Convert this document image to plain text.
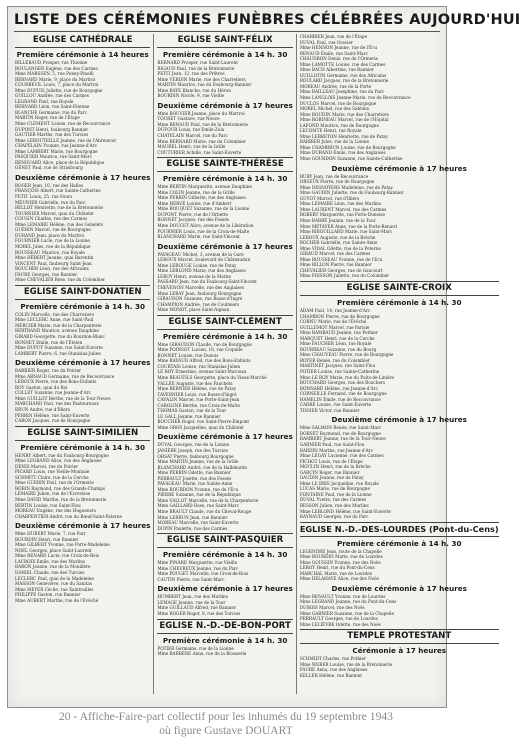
LISTE DES CÉRÉMONIES FUNÈBRES CÉLÉBRÉES AUJOURD'HUI
EGLISE CATHÉDRALE
Première cérémonie à 14 heures
BILLEBAUD Prosper, rue Thionne
BOULANGER Eugène, rue des Carmes
Mme MARSSEN, 5, rue Poney-Pinelli
BERNARD Marie, 9, place du Martroi
COURBEVIL Louis, 7, place du Martroi
Mme DUPUIS Juliette, rue de Bourgogne
GUILLOU Andrée, rue des Carmes
LEGRAND Paul, rue Royale
BERNARD Léon, rue Saint-Etienne
BLANCHE Germaine, rue du Parc
MARTIN Roger, rue de l'Étape
Mme CLÉMENT Louise, rue de Recouvrance
DUPONT Henri, faubourg Bannier
GAUTIER Marthe, rue des Turcies
Mme LEBOUTEILLE Jeanne, rue de l'Abreuvoir
CHAPELAIN Yvonne, rue Jeanne-d'Arc
Mme LAMBERT Marie, rue Bourgogne
PASQUIER Maurice, rue Saint-Marc
RENOUARD Alice, place de la République
GENET Paul, rue de Strasbourg
Deuxième cérémonie à 17 heures
ROGER Jean, 10, rue des Halles
FRANÇOIS Albert, rue Sainte-Catherine
PETIT Louis, 25, rue Fours
MEUNIER Gabrielle, rue du Parc
BELLOT Henriette, rue de la Bretonnerie
TOURNIER Marcel, quai du Châtelet
COUSIN Charles, rue des Carmes
Mme LEMAIRE Hélène, rue des Gobelets
GUÉRIN Marcel, rue de Bourgogne
DURAND Jean, place du Martroi
FOURNIER Lucie, rue de la Lionne
MOREL Jules, rue de la République
ROUSSEAU Maurice, rue Royale
Mme HÉBERT Jeanne, quai Barentin
VINCENT Paul, faubourg Saint-Jean
BOUCHER Léon, rue des Africains
FAURE Georges, rue Bannier
Mme CHEVALIER Rose, rue du Colombier
EGLISE SAINT-DONATIEN
Première cérémonie à 14 h. 30
COLIN Marcelle, rue des Charretiers
Mme LECLERC Anne, rue Saint-Paul
MERCIER Marie, rue de la Charpenterie
BERTRAND Maurice, avenue Dauphine
GIRARD Georgette, rue du Bourdon-Blanc
BONNET Emile, rue de l'Ételon
Mme DUPUY Suzanne, rue Saint-Euverte
LAMBERT Pierre, 6, rue Stanislas-Julien
Deuxième cérémonie à 17 heures
BARBIER Roger, rue du Poirier
Mme ARNAUD Germaine, rue de Recouvrance
LEROUX Pierre, rue des Bons-Enfants
ROY Gaston, quai du Roi
COLLET Suzanne, rue Jeanne-d'Arc
Mme GUILLOT Berthe, rue de la Tour-Neuve
MARCHAND Paul, rue des Pastoureaux
BRUN André, rue d'Illiers
PERRIN Hélène, rue Saint-Euverte
CARON Jacques, rue de Bourgogne
EGLISE SAINT-SIMILIEN
Première cérémonie à 14 h. 30
HENRY Albert, rue du Faubourg-Bourgogne
Mme LEGRAND Alice, rue des Anglaises
DENIS Marcel, rue du Poirier
PICARD Louis, rue Vieille-Monnaie
SCHMITT Claire, rue de la Cerche
Mme GUERIN Paul, rue de l'Ormerie
ROBIN Raymond, rue des Grands-Champs
LEMAIRE Julien, rue de l'Ecrevisse
Mme DAVID Marthe, rue de la Bretonnerie
BERTIN Louise, rue Saint-Flou
MOREAU Eugène, rue des Huguenots
CHARPENTIER André, rue du Bœuf-Saint-Paterne
Deuxième cérémonie à 17 heures
Mme HUBERT Marie, 7, rue Parr
BOURDIN Henri, rue Bannier
Mme GILBERT Yvonne, rue Porte-Madeleine
NOEL Georges, place Saint-Laurent
Mme RENARD Lucie, rue Croix-de-Bois
LACROIX Emile, rue des Murlins
BARON Jeanne, rue de la Mouillère
DANIEL Claude, rue des Turcies
LECLERC Paul, quai de la Madeleine
MASSON Geneviève, rue du Sanitas
Mme MEYER Cécile, rue Xaintrailles
PHILIPPE Gaston, rue Bannier
Mme AUBERT Marthe, rue de l'Évêché
EGLISE SAINT-FÉLIX
Première cérémonie à 14 h. 30
BERNARD Prosper, rue Saint-Laurent
RIGAUD Paul, rue de la Bretonnerie
PETIT Jean, 12, rue des Prêtres
Mme VERDIN Marie, rue des Charretiers
MARTIN Maurice, rue du Faubourg-Bannier
Mme BAYE Blanche, rue du Héron
BOURDIN Nicole, 9, rue Vieille
Deuxième cérémonie à 17 heures
Mme BOUVIER Jeanne, place du Martroi
TOURET Gustave, rue Neuve
Mme RENAUD Paul, rue de la Bretonnerie
DUFOUR Louis, rue Emile-Zola
CHATELAIN Marcel, rue du Parc
Mme BERNARD Marie, rue du Colombier
MAUREL Henri, rue de la Grille
COUTURIER Achille, rue Saint-Euverte
EGLISE SAINTE-THÉRÈSE
Première cérémonie à 14 h. 30
Mme BERTIN Marguerite, avenue Dauphine
Mme COLIN Jeanne, rue de la Grille
Mme PERRIN Gilberte, rue des Anglaises
Mme HERVÉ Louise, rue d'Ambert
Mme BOUQUET Suzanne, rue de la Lionne
DUPONT Pierre, rue de l'Orbette
BONNET Jacques, rue des Fossés
Mme DOUCET Alice, avenue de la Libération
FOURNIER Louis, rue de la Croix-de-Malte
BLANCHARD Marie, rue Saint-Vincent
Deuxième cérémonie à 17 heures
PAVAGEAU Michel, 3, avenue de la Gare
LEROUX Marcel, boulevard de Châteaudun
Mme LEROUGE Louise, rue de Patay
Mme LEBLOND Marie, rue des Anglaises
LEROY Henri, avenue de la Marne
PASSARD Jean, rue du Faubourg-Saint-Vincent
THEVENON Marcelle, rue des Anglaises
Mme LEBAY Jean, faubourg Bourgogne
GIRAUDON Suzanne, rue Basse-d'Ingré
CHAMPION Andrée, rue de Coulmiers
Mme MONOT, place Saint-Aignan
EGLISE SAINT-CLÉMENT
Première cérémonie à 14 h. 30
Mme GIRAUDON Claude, rue de Bourgogne
Mme POINSOT Lucien, 18, rue Coquille
BONNET Louise, rue Dunois
Mme RAVAUD Alfred, rue des Bons-Enfants
COURTAIS Louise, rue Stanislas-Julien
LE ROY Ernestine, avenue Saint-Marceau
Mme BEAUFILS Georgette, place du Vieux-Marché
VALLÉE Auguste, rue des Fauchets
Mme BERNIER Hélène, rue de Patay
TAVERNIER Louis, rue Basse-d'Ingré
CAVALIN Marcel, rue Porte-Saint-Jean
CAROLINE Berthe, rue Croix-de-Malte
THOMAS Gaston, rue de la Tour
LE GALL Jeanne, rue Bannier
BOUCHER Roger, rue Saint-Pierre-Empont
Mme GROS Jacqueline, quai du Châtelet
Deuxième cérémonie à 17 heures
DUVAL Georges, rue de la Lionne
JANIÈRE Joseph, rue des Turcies
ORSAT Pierre, faubourg Bourgogne
Mme MARTIN Jeanne, rue de la Grille
BLANCHARD André, rue de la Hallebarde
Mme PERRIN Odette, rue Bannier
PERRAULT Josette, rue des Fossés
PAVAGEAU Marie, rue Sainte-Anne
Mme BOURDON Yvonne, rue de l'Écu
PIERRE Suzanne, rue de la République
Mme VALLOT Marcelle, rue de la Charpenterie
Mme GAILLARD Rose, rue Saint-Marc
Mme BRAULT Claude, rue du Cheval-Rouge
Mme LEBRUN Jean, rue Bannier
MOREAU Marcelle, rue Saint-Euverte
DUPIN Paulette, rue des Carmes
EGLISE SAINT-PASQUIER
Première cérémonie à 14 h. 30
Mme PINARD Marguerite, rue Vieille
Mme CHEVREUX Jeanne, rue du Parc
Mme POUGET Marcelle, rue Croix-de-Bois
CAUTIN Pierre, rue Saint-Marc
Deuxième cérémonie à 17 heures
HUMBERT Jean, rue des Murlins
LEMAGE Jeanne, rue de la Tour
Mme GUILLAUD Alfred, rue Bannier
Mme ROGER Roger, 8, rue des Turcies
EGLISE N.-D.-DE-BON-PORT
Première cérémonie à 14 h. 30
POTIER Germaine, rue de la Lionne
Mme BARRÈRE Anne, rue de la Brasserie
CHARRIER Jean, rue de l'Étape
DUVAL Paul, rue Gravier
Mme HENNON Jeanne, rue de l'Écu
RENAUD Émile, rue Saint-Marc
CHAUDRON Denis, rue de l'Ormerie
Mme LAMOTTE Louise, rue des Carmes
Mme BACH Albertine, rue Bannier
GUILLOTIN Germaine, rue des Africains
BOULARD Jacques, rue de la Bretonnerie
MOREAU Andrée, rue de la Porte
Mme BAILLEAU Joséphine, rue du Parc
Mme LANGLOIS Jeanne-Marie, rue de Recouvrance
DUCLOS Marcel, rue de Bourgogne
MOREL Michel, rue des Sablons
Mme BOUDIN Marie, rue des Charretiers
Mme ROBINEAU Marcel, rue de l'Hôpital
LAFOND Maurice, rue de Bourgogne
LECOMTE Henri, rue Royale
Mme LEBRETON Henriette, rue de Patay
BARBIER Jules, rue de la Lionne
Mme CHAMBRUN Louise, rue de Bourgogne
Mme DURAND Émile, rue des Anglaises
Mme GOURDON Suzanne, rue Sainte-Catherine
Deuxième cérémonie à 17 heures
RUBY Jean, rue de Recouvrance
ORSEUX Pierre, rue de Bourgogne
Mme DESNOYERS Madeleine, rue de Patay
Mme GAUDIN Juliette, rue du Faubourg-Bannier
GUYOT Marcel, rue d'Illiers
Mme LEMAIRE Léon, rue des Murlins
Mme LAURENT Marcel, rue des Carmes
ROBERT Marguerite, rue Porte-Dunoise
Mme BARRÉ Jeanne, rue de la Tour
Mme MÉTAYER Anne, rue de la Porte-Renard
Mme RIBOUILLARD Marie, rue Saint-Marc
LEROUX Auguste, rue de la Brèche
ROCHER Gabrielle, rue Sainte-Anne
Mme VIDAL Odette, rue de la Poterne
GIRAUD Marcel, rue des Carmes
Mme ROUSSEAU Yvonne, rue de l'Ecu
Mme BILLON Pierre, rue Bannier
CHEVALIER Georges, rue de Gaucourt
Mme POISSON Juliette, rue du Colombier
EGLISE SAINTE-CROIX
Première cérémonie à 14 h. 30
ADAM Paul, 14, rue Jeanne-d'Arc
CHAMBON Pierre, rue de Bourgogne
CORNU Marie, rue de l'Évêché
GUILLEMOT Marcel, rue Parisie
Mme RAMBAUD Jeanne, rue Pothier
MARQUET Henri, rue de la Cerche
Mme FAUCHER Léon, rue Royale
BOURREAU Suzanne, rue du Bourg
Mme CHAUVEAU Pierre, rue de Bourgogne
ROYER Renée, rue du Colombier
MARTINET Jacques, rue Saint-Flou
POTIER Louise, rue Sainte-Catherine
Mme LE ROY Marie, rue du Puits-de-Linière
BOUCHARD Georges, rue des Bouchers
BONNARD Hélène, rue Jeanne-d'Arc
CORNEILLE Fernand, rue de Bourgogne
HAMELIN Émile, rue de Recouvrance
CARRÉ Louise, rue Saint-Euverte
TISSIER Victor, rue Bannier
Deuxième cérémonie à 17 heures
Mme SALMON Renée, rue Saint-Marc
DORSET Raymond, rue de Bourgogne
RAMBERT Jeanne, rue de la Tour-Neuve
GARNIER Paul, rue Saint-Flou
BARDIN Marthe, rue Jeanne-d'Arc
Mme LEGAY Lucienne, rue des Carmes
PICHOT Louis, rue de l'Étape
MOULIN Henri, rue de la Brèche
GARCIN Roger, rue Bannier
GAUDIN Jeanne, rue de Patay
Mme LE BRIS Jacqueline, rue Royale
LUCAS Marie, rue de Bourgogne
FONTAINE Paul, rue de la Lionne
DUVAL Yvette, rue des Carmes
BESSON Julien, rue des Murlins
Mme LEBLOND Hélène, rue Saint-Euverte
RAYNAUD Georges, rue du Parc
EGLISE N.-D.-DES-LOURDES (Pont-du-Cens)
Première cérémonie à 14 h. 30
LEGENDRE Jean, route de la Chapelle
Mme BOURDIN Marie, rue de Lourdes
Mme GOUSSIN Yvonne, rue des Noës
LEROY Henri, rue du Pont-du-Cens
MARCHAL Marie, rue de Lourdes
Mme DELAHAYE Alice, rue des Noës
Deuxième cérémonie à 17 heures
Mme RENAULT Yvonne, rue de Lourdes
Mme LEGRAND Jeanne, rue du Pont-du-Cens
DUBOIS Marcel, rue des Noës
Mme GARNIER Suzanne, rue de la Chapelle
PERRAULT Georges, rue de Lourdes
Mme LELIÈVRE Odette, rue des Noës
TEMPLE PROTESTANT
Cérémonie à 17 heures
SCHMIDT Charles, rue Pothier
Mme WEBER Louise, rue de la Bretonnerie
FAURE Anna, rue des Anglaises
KELLER Hélène, rue Bannier
20 - Affiche-Faire-part collectif pour les inhumés du 19 septembre 1943
où figure Gustave DOUART
